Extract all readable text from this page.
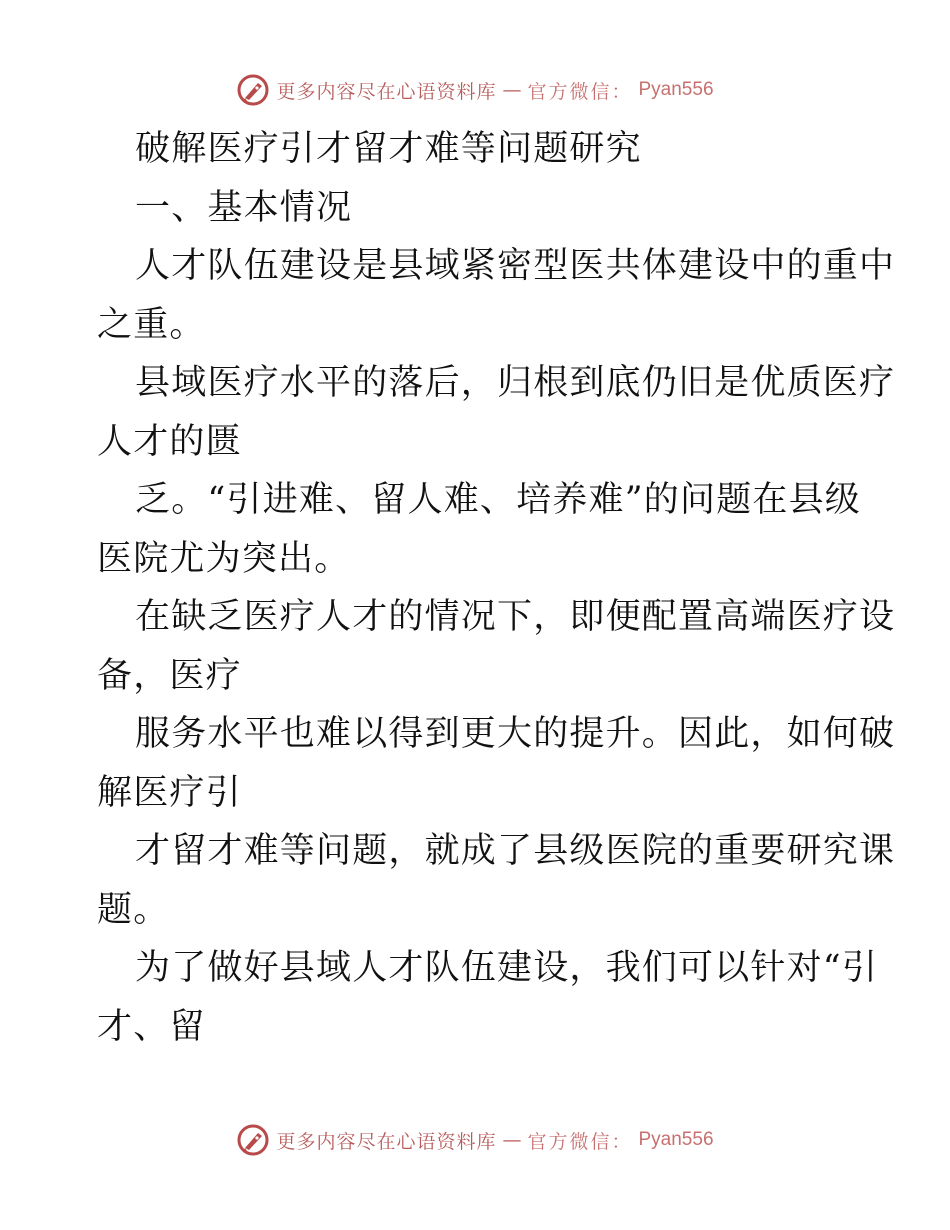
更多内容尽在心语资料库 — 官方微信： Pyan556
破解医疗引才留才难等问题研究
一、基本情况
人才队伍建设是县域紧密型医共体建设中的重中
之重。
县域医疗水平的落后，归根到底仍旧是优质医疗
人才的匮
乏。“引进难、留人难、培养难”的问题在县级
医院尤为突出。
在缺乏医疗人才的情况下，即便配置高端医疗设
备，医疗
服务水平也难以得到更大的提升。因此，如何破
解医疗引
才留才难等问题，就成了县级医院的重要研究课
题。
为了做好县域人才队伍建设，我们可以针对“引
才、留
更多内容尽在心语资料库 — 官方微信： Pyan556
